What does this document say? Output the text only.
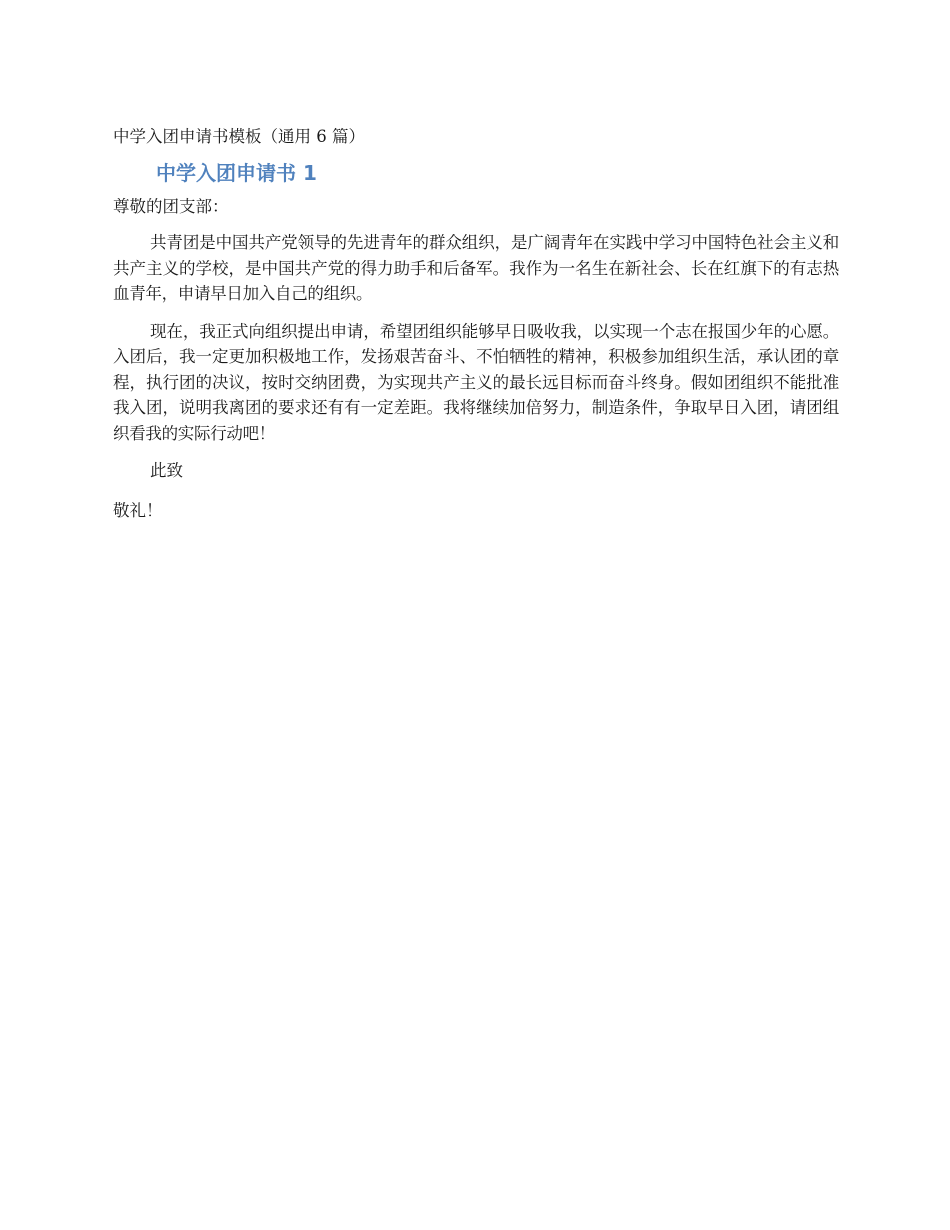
中学入团申请书模板（通用 6 篇）
中学入团申请书 1
尊敬的团支部：

共青团是中国共产党领导的先进青年的群众组织，是广阔青年在实践中学习中国特色社会主义和共产主义的学校，是中国共产党的得力助手和后备军。我作为一名生在新社会、长在红旗下的有志热血青年，申请早日加入自己的组织。

现在，我正式向组织提出申请，希望团组织能够早日吸收我，以实现一个志在报国少年的心愿。入团后，我一定更加积极地工作，发扬艰苦奋斗、不怕牺牲的精神，积极参加组织生活，承认团的章程，执行团的决议，按时交纳团费，为实现共产主义的最长远目标而奋斗终身。假如团组织不能批准我入团，说明我离团的要求还有有一定差距。我将继续加倍努力，制造条件，争取早日入团，请团组织看我的实际行动吧！

此致
敬礼！
